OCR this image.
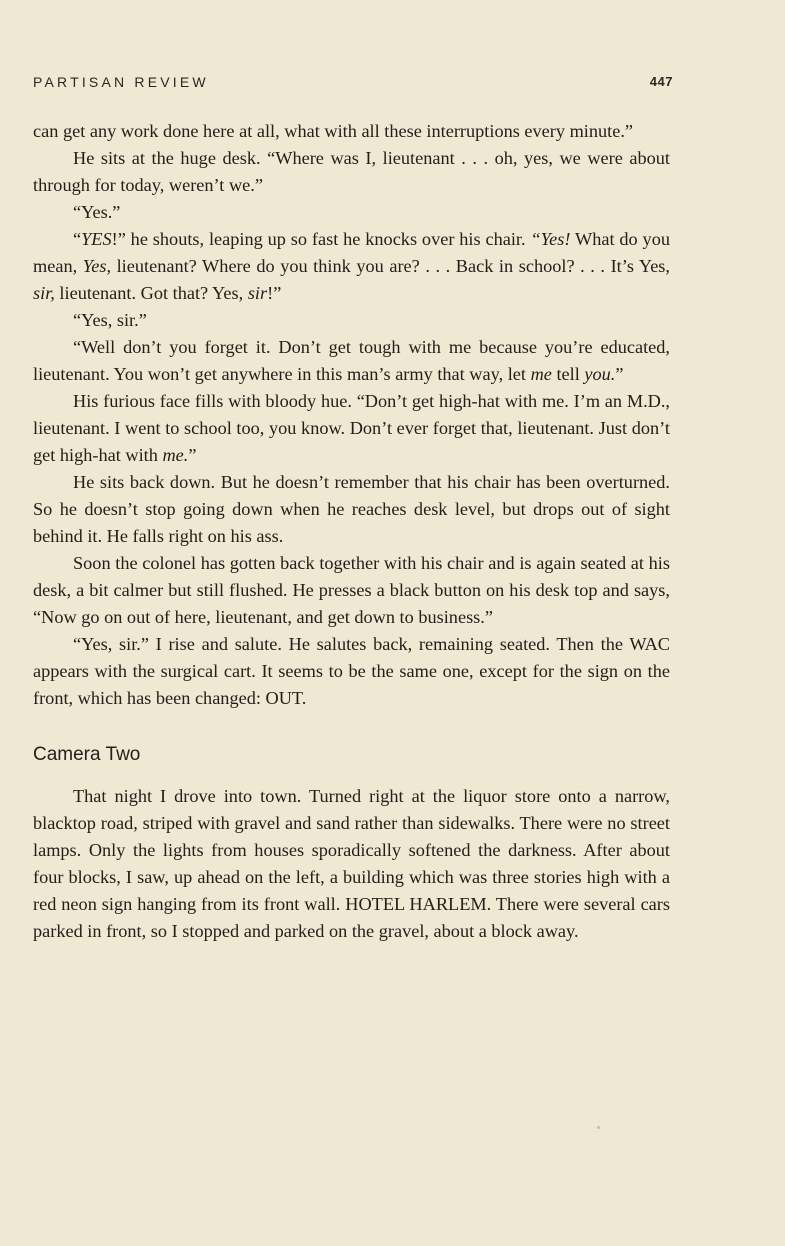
PARTISAN REVIEW	447

can get any work done here at all, what with all these interruptions every minute.”

He sits at the huge desk. “Where was I, lieutenant . . . oh, yes, we were about through for today, weren’t we.”

“Yes.”

“YES!” he shouts, leaping up so fast he knocks over his chair. “Yes! What do you mean, Yes, lieutenant? Where do you think you are? . . . Back in school? . . . It’s Yes, sir, lieutenant. Got that? Yes, sir!”

“Yes, sir.”

“Well don’t you forget it. Don’t get tough with me because you’re educated, lieutenant. You won’t get anywhere in this man’s army that way, let me tell you.”

His furious face fills with bloody hue. “Don’t get high-hat with me. I’m an M.D., lieutenant. I went to school too, you know. Don’t ever forget that, lieutenant. Just don’t get high-hat with me.”

He sits back down. But he doesn’t remember that his chair has been overturned. So he doesn’t stop going down when he reaches desk level, but drops out of sight behind it. He falls right on his ass.

Soon the colonel has gotten back together with his chair and is again seated at his desk, a bit calmer but still flushed. He presses a black button on his desk top and says, “Now go on out of here, lieutenant, and get down to business.”

“Yes, sir.” I rise and salute. He salutes back, remaining seated. Then the WAC appears with the surgical cart. It seems to be the same one, except for the sign on the front, which has been changed: OUT.

Camera Two

That night I drove into town. Turned right at the liquor store onto a narrow, blacktop road, striped with gravel and sand rather than sidewalks. There were no street lamps. Only the lights from houses sporadically softened the darkness. After about four blocks, I saw, up ahead on the left, a building which was three stories high with a red neon sign hanging from its front wall. HOTEL HARLEM. There were several cars parked in front, so I stopped and parked on the gravel, about a block away.
